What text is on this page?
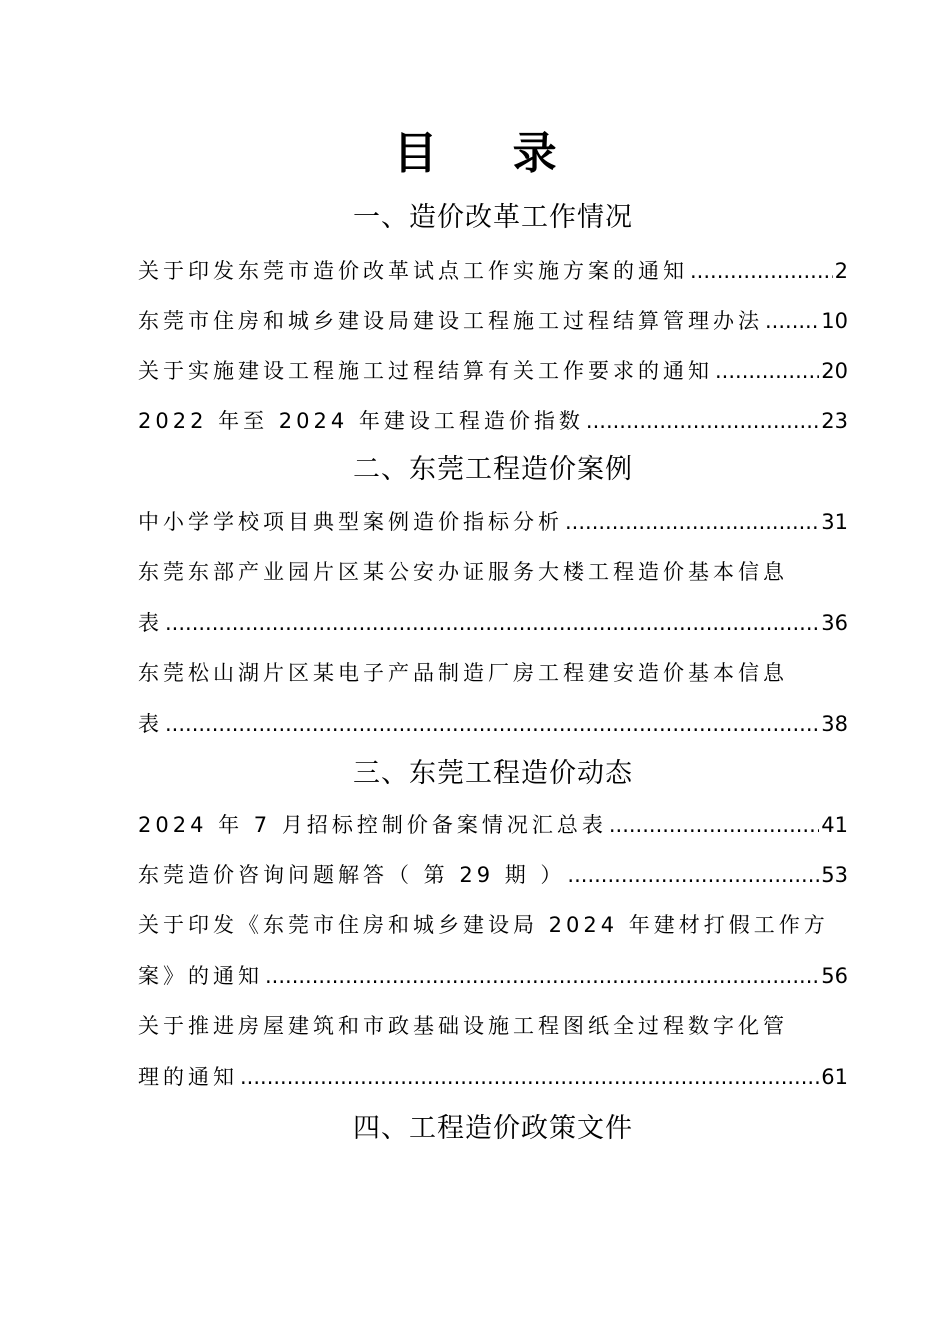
目 录
一、造价改革工作情况
关于印发东莞市造价改革试点工作实施方案的通知 .....	2
东莞市住房和城乡建设局建设工程施工过程结算管理办法 .....	10
关于实施建设工程施工过程结算有关工作要求的通知 .....	20
2022 年至 2024 年建设工程造价指数 .....	23
二、东莞工程造价案例
中小学学校项目典型案例造价指标分析 .....	31
东莞东部产业园片区某公安办证服务大楼工程造价基本信息
表 .....	36
东莞松山湖片区某电子产品制造厂房工程建安造价基本信息
表 .....	38
三、东莞工程造价动态
2024 年 7 月招标控制价备案情况汇总表 .....	41
东莞造价咨询问题解答（ 第 29 期 ） .....	53
关于印发《东莞市住房和城乡建设局 2024 年建材打假工作方
案》的通知 .....	56
关于推进房屋建筑和市政基础设施工程图纸全过程数字化管
理的通知 .....	61
四、工程造价政策文件
